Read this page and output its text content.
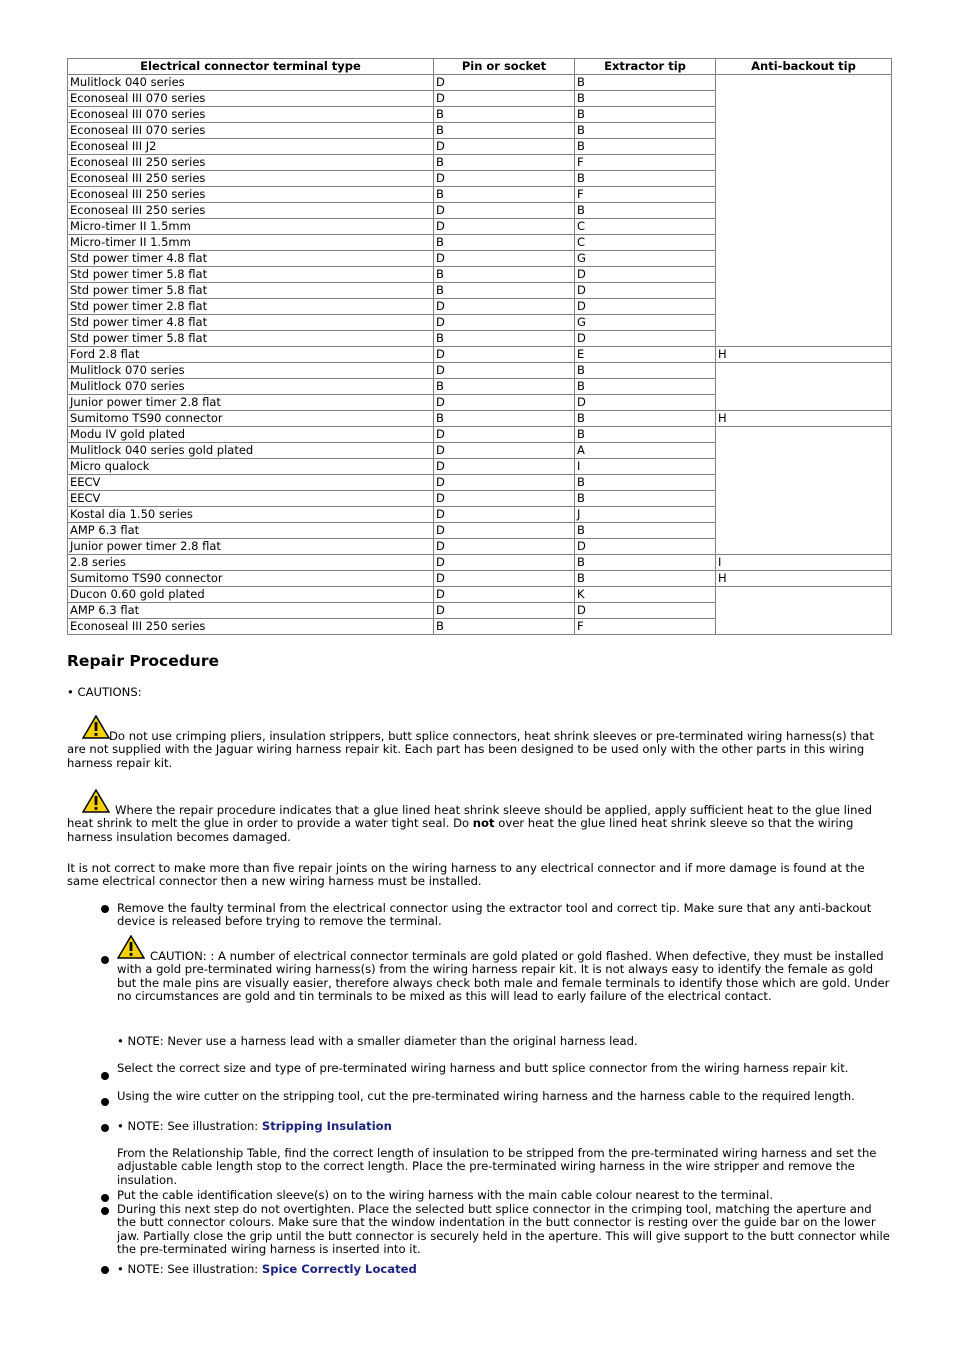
Electrical connector terminal type	Pin or socket	Extractor tip	Anti-backout tip
Mulitlock 040 series	D	B	
Econoseal III 070 series	D	B	
Econoseal III 070 series	B	B	
Econoseal III 070 series	B	B	
Econoseal III J2	D	B	
Econoseal III 250 series	B	F	
Econoseal III 250 series	D	B	
Econoseal III 250 series	B	F	
Econoseal III 250 series	D	B	
Micro-timer II 1.5mm	D	C	
Micro-timer II 1.5mm	B	C	
Std power timer 4.8 flat	D	G	
Std power timer 5.8 flat	B	D	
Std power timer 5.8 flat	B	D	
Std power timer 2.8 flat	D	D	
Std power timer 4.8 flat	D	G	
Std power timer 5.8 flat	B	D	
Ford 2.8 flat	D	E	H
Mulitlock 070 series	D	B	
Mulitlock 070 series	B	B	
Junior power timer 2.8 flat	D	D	
Sumitomo TS90 connector	B	B	H
Modu IV gold plated	D	B	
Mulitlock 040 series gold plated	D	A	
Micro qualock	D	I	
EECV	D	B	
EECV	D	B	
Kostal dia 1.50 series	D	J	
AMP 6.3 flat	D	B	
Junior power timer 2.8 flat	D	D	
2.8 series	D	B	I
Sumitomo TS90 connector	D	B	H
Ducon 0.60 gold plated	D	K	
AMP 6.3 flat	D	D	
Econoseal III 250 series	B	F	
Repair Procedure
• CAUTIONS:
Do not use crimping pliers, insulation strippers, butt splice connectors, heat shrink sleeves or pre-terminated wiring harness(s) that are not supplied with the Jaguar wiring harness repair kit. Each part has been designed to be used only with the other parts in this wiring harness repair kit.
Where the repair procedure indicates that a glue lined heat shrink sleeve should be applied, apply sufficient heat to the glue lined heat shrink to melt the glue in order to provide a water tight seal. Do not over heat the glue lined heat shrink sleeve so that the wiring harness insulation becomes damaged.
It is not correct to make more than five repair joints on the wiring harness to any electrical connector and if more damage is found at the same electrical connector then a new wiring harness must be installed.
Remove the faulty terminal from the electrical connector using the extractor tool and correct tip. Make sure that any anti-backout device is released before trying to remove the terminal.
CAUTION: : A number of electrical connector terminals are gold plated or gold flashed. When defective, they must be installed with a gold pre-terminated wiring harness(s) from the wiring harness repair kit. It is not always easy to identify the female as gold but the male pins are visually easier, therefore always check both male and female terminals to identify those which are gold. Under no circumstances are gold and tin terminals to be mixed as this will lead to early failure of the electrical contact.
• NOTE: Never use a harness lead with a smaller diameter than the original harness lead.
Select the correct size and type of pre-terminated wiring harness and butt splice connector from the wiring harness repair kit.
Using the wire cutter on the stripping tool, cut the pre-terminated wiring harness and the harness cable to the required length.
• NOTE: See illustration: Stripping Insulation
From the Relationship Table, find the correct length of insulation to be stripped from the pre-terminated wiring harness and set the adjustable cable length stop to the correct length. Place the pre-terminated wiring harness in the wire stripper and remove the insulation.
Put the cable identification sleeve(s) on to the wiring harness with the main cable colour nearest to the terminal.
During this next step do not overtighten. Place the selected butt splice connector in the crimping tool, matching the aperture and the butt connector colours. Make sure that the window indentation in the butt connector is resting over the guide bar on the lower jaw. Partially close the grip until the butt connector is securely held in the aperture. This will give support to the butt connector while the pre-terminated wiring harness is inserted into it.
• NOTE: See illustration: Spice Correctly Located
